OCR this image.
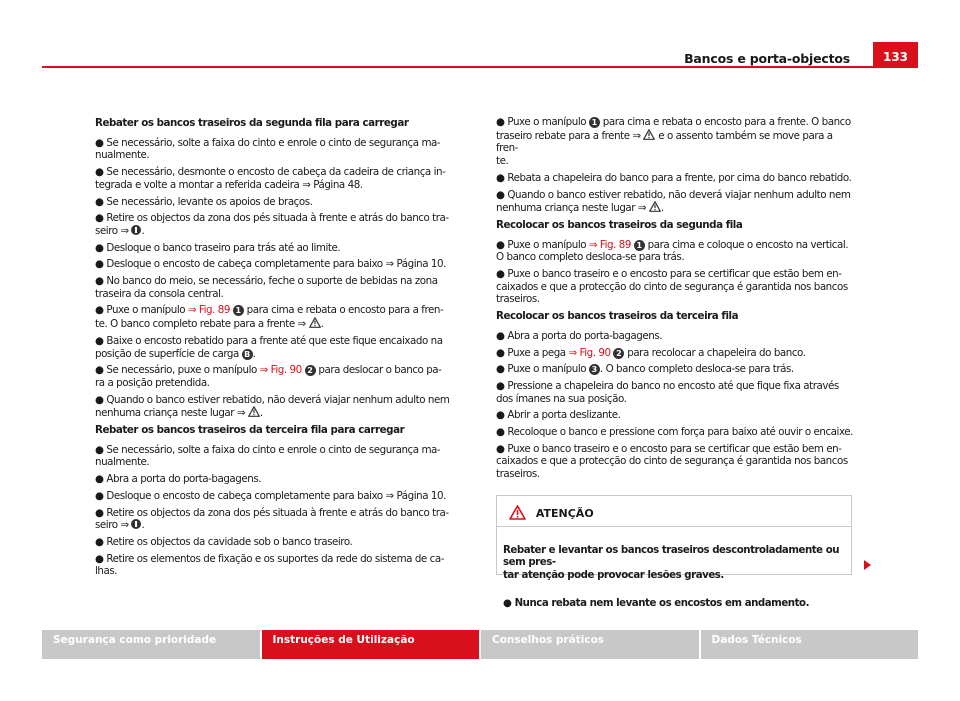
Bancos e porta-objectos	133
Rebater os bancos traseiros da segunda fila para carregar
● Se necessário, solte a faixa do cinto e enrole o cinto de segurança ma-
nualmente.
● Se necessário, desmonte o encosto de cabeça da cadeira de criança in-
tegrada e volte a montar a referida cadeira ⇒ Página 48.
● Se necessário, levante os apoios de braços.
● Retire os objectos da zona dos pés situada à frente e atrás do banco tra-
seiro ⇒ .
● Desloque o banco traseiro para trás até ao limite.
● Desloque o encosto de cabeça completamente para baixo ⇒ Página 10.
● No banco do meio, se necessário, feche o suporte de bebidas na zona
traseira da consola central.
● Puxe o manípulo ⇒ Fig. 89 1 para cima e rebata o encosto para a fren-
te. O banco completo rebate para a frente ⇒ .
● Baixe o encosto rebatido para a frente até que este fique encaixado na
posição de superfície de carga B .
● Se necessário, puxe o manípulo ⇒ Fig. 90 2 para deslocar o banco pa-
ra a posição pretendida.
● Quando o banco estiver rebatido, não deverá viajar nenhum adulto nem
nenhuma criança neste lugar ⇒ .
Rebater os bancos traseiros da terceira fila para carregar
● Se necessário, solte a faixa do cinto e enrole o cinto de segurança ma-
nualmente.
● Abra a porta do porta-bagagens.
● Desloque o encosto de cabeça completamente para baixo ⇒ Página 10.
● Retire os objectos da zona dos pés situada à frente e atrás do banco tra-
seiro ⇒ .
● Retire os objectos da cavidade sob o banco traseiro.
● Retire os elementos de fixação e os suportes da rede do sistema de ca-
lhas.
● Puxe o manípulo 1 para cima e rebata o encosto para a frente. O banco
traseiro rebate para a frente ⇒  e o assento também se move para a fren-
te.
● Rebata a chapeleira do banco para a frente, por cima do banco rebatido.
● Quando o banco estiver rebatido, não deverá viajar nenhum adulto nem
nenhuma criança neste lugar ⇒ .
Recolocar os bancos traseiros da segunda fila
● Puxe o manípulo ⇒ Fig. 89 1 para cima e coloque o encosto na vertical.
O banco completo desloca-se para trás.
● Puxe o banco traseiro e o encosto para se certificar que estão bem en-
caixados e que a protecção do cinto de segurança é garantida nos bancos
traseiros.
Recolocar os bancos traseiros da terceira fila
● Abra a porta do porta-bagagens.
● Puxe a pega ⇒ Fig. 90 2 para recolocar a chapeleira do banco.
● Puxe o manípulo 3 . O banco completo desloca-se para trás.
● Pressione a chapeleira do banco no encosto até que fique fixa através
dos ímanes na sua posição.
● Abrir a porta deslizante.
● Recoloque o banco e pressione com força para baixo até ouvir o encaixe.
● Puxe o banco traseiro e o encosto para se certificar que estão bem en-
caixados e que a protecção do cinto de segurança é garantida nos bancos
traseiros.
ATENÇÃO

Rebater e levantar os bancos traseiros descontroladamente ou sem pres-
tar atenção pode provocar lesões graves.

● Nunca rebata nem levante os encostos em andamento.

Segurança como prioridade	Instruções de Utilização	Conselhos práticos	Dados Técnicos
